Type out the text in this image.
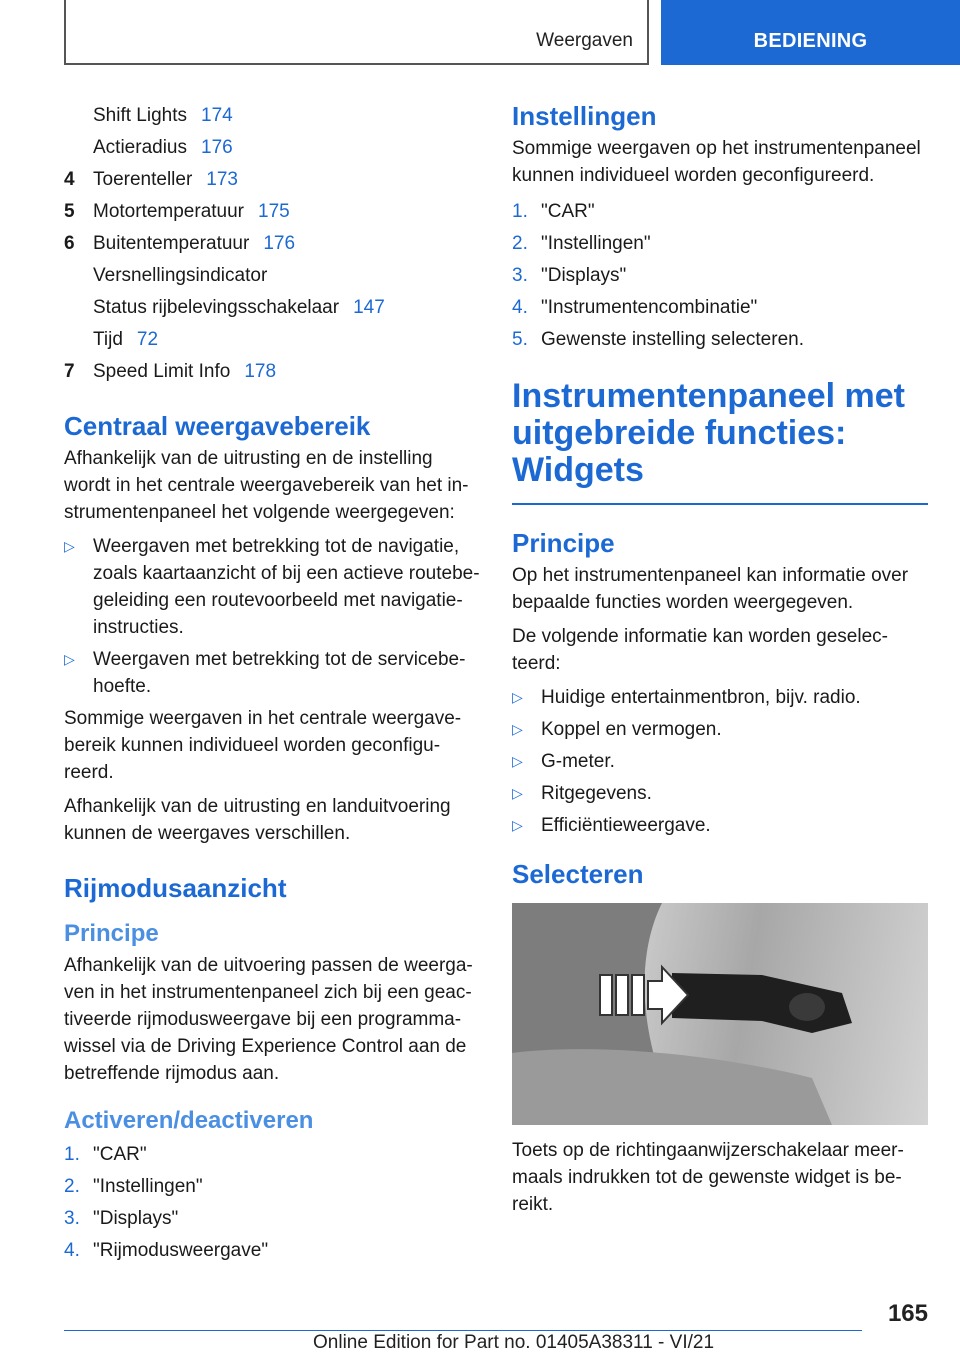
Weergaven	BEDIENING
Shift Lights 174
Actieradius 176
4 Toerenteller 173
5 Motortemperatuur 175
6 Buitentemperatuur 176
Versnellingsindicator
Status rijbelevingsschakelaar 147
Tijd 72
7 Speed Limit Info 178
Centraal weergavebereik
Afhankelijk van de uitrusting en de instelling wordt in het centrale weergavebereik van het in-strumentenpaneel het volgende weergegeven:
▷ Weergaven met betrekking tot de navigatie, zoals kaartaanzicht of bij een actieve routebe-geleiding een routevoorbeeld met navigatie-instructies.
▷ Weergaven met betrekking tot de servicebe-hoefte.
Sommige weergaven in het centrale weergave-bereik kunnen individueel worden geconfigu-reerd.
Afhankelijk van de uitrusting en landuitvoering kunnen de weergaves verschillen.
Rijmodusaanzicht
Principe
Afhankelijk van de uitvoering passen de weerga-ven in het instrumentenpaneel zich bij een geac-tiveerde rijmodusweergave bij een programma-wissel via de Driving Experience Control aan de betreffende rijmodus aan.
Activeren/deactiveren
1. "CAR"
2. "Instellingen"
3. "Displays"
4. "Rijmodusweergave"
Instellingen
Sommige weergaven op het instrumentenpaneel kunnen individueel worden geconfigureerd.
1. "CAR"
2. "Instellingen"
3. "Displays"
4. "Instrumentencombinatie"
5. Gewenste instelling selecteren.
Instrumentenpaneel met uitgebreide functies: Widgets
Principe
Op het instrumentenpaneel kan informatie over bepaalde functies worden weergegeven.
De volgende informatie kan worden geselec-teerd:
▷ Huidige entertainmentbron, bijv. radio.
▷ Koppel en vermogen.
▷ G-meter.
▷ Ritgegevens.
▷ Efficiëntieweergave.
Selecteren
Toets op de richtingaanwijzerschakelaar meer-maals indrukken tot de gewenste widget is be-reikt.
165
Online Edition for Part no. 01405A38311 - VI/21
